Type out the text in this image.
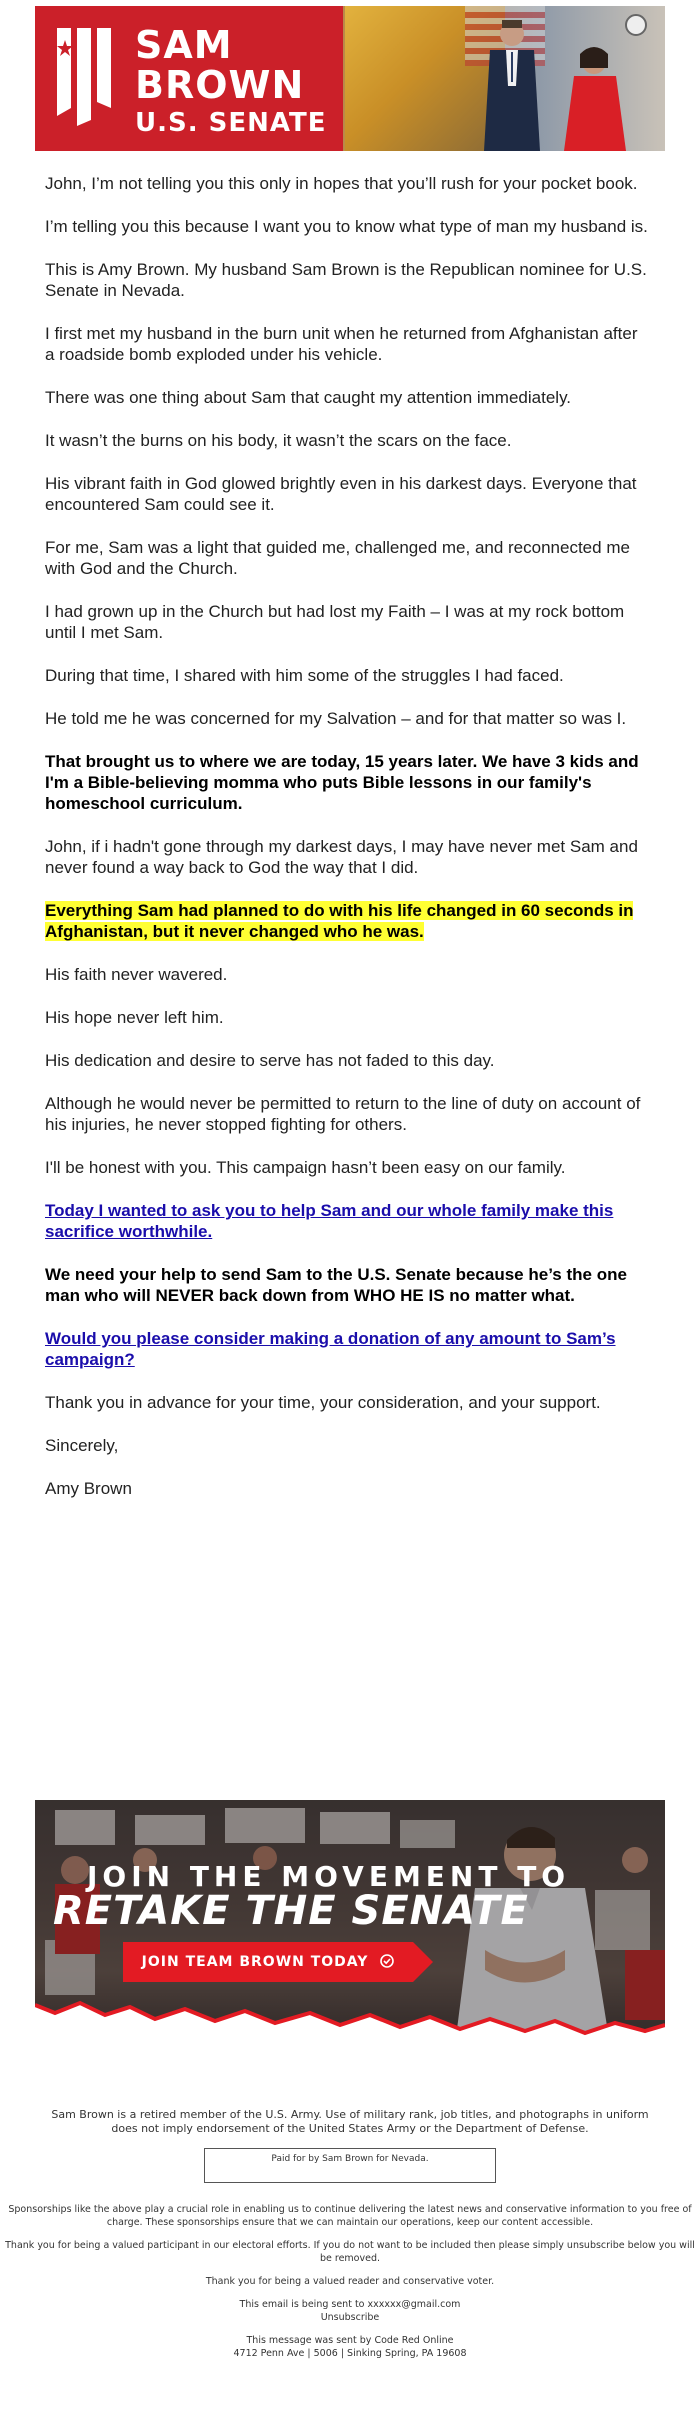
SAM
BROWN
U.S. SENATE

John, I’m not telling you this only in hopes that you’ll rush for your pocket book.

I’m telling you this because I want you to know what type of man my husband is.

This is Amy Brown. My husband Sam Brown is the Republican nominee for U.S. Senate in Nevada.

I first met my husband in the burn unit when he returned from Afghanistan after a roadside bomb exploded under his vehicle.

There was one thing about Sam that caught my attention immediately.

It wasn’t the burns on his body, it wasn’t the scars on the face.

His vibrant faith in God glowed brightly even in his darkest days. Everyone that encountered Sam could see it.

For me, Sam was a light that guided me, challenged me, and reconnected me with God and the Church.

I had grown up in the Church but had lost my Faith – I was at my rock bottom until I met Sam.

During that time, I shared with him some of the struggles I had faced.

He told me he was concerned for my Salvation – and for that matter so was I.

That brought us to where we are today, 15 years later. We have 3 kids and I'm a Bible-believing momma who puts Bible lessons in our family's homeschool curriculum.

John, if i hadn't gone through my darkest days, I may have never met Sam and never found a way back to God the way that I did.

Everything Sam had planned to do with his life changed in 60 seconds in Afghanistan, but it never changed who he was.

His faith never wavered.

His hope never left him.

His dedication and desire to serve has not faded to this day.

Although he would never be permitted to return to the line of duty on account of his injuries, he never stopped fighting for others.

I'll be honest with you. This campaign hasn’t been easy on our family.

Today I wanted to ask you to help Sam and our whole family make this sacrifice worthwhile.

We need your help to send Sam to the U.S. Senate because he’s the one man who will NEVER back down from WHO HE IS no matter what.

Would you please consider making a donation of any amount to Sam’s campaign?

Thank you in advance for your time, your consideration, and your support.

Sincerely,

Amy Brown

JOIN THE MOVEMENT TO
RETAKE THE SENATE
JOIN TEAM BROWN TODAY
Sam Brown is a retired member of the U.S. Army. Use of military rank, job titles, and photographs in uniform does not imply endorsement of the United States Army or the Department of Defense.
Paid for by Sam Brown for Nevada.
Sponsorships like the above play a crucial role in enabling us to continue delivering the latest news and conservative information to you free of charge. These sponsorships ensure that we can maintain our operations, keep our content accessible.
Thank you for being a valued participant in our electoral efforts. If you do not want to be included then please simply unsubscribe below you will be removed.
Thank you for being a valued reader and conservative voter.
This email is being sent to xxxxxx@gmail.com
Unsubscribe
This message was sent by Code Red Online
4712 Penn Ave | 5006 | Sinking Spring, PA 19608
